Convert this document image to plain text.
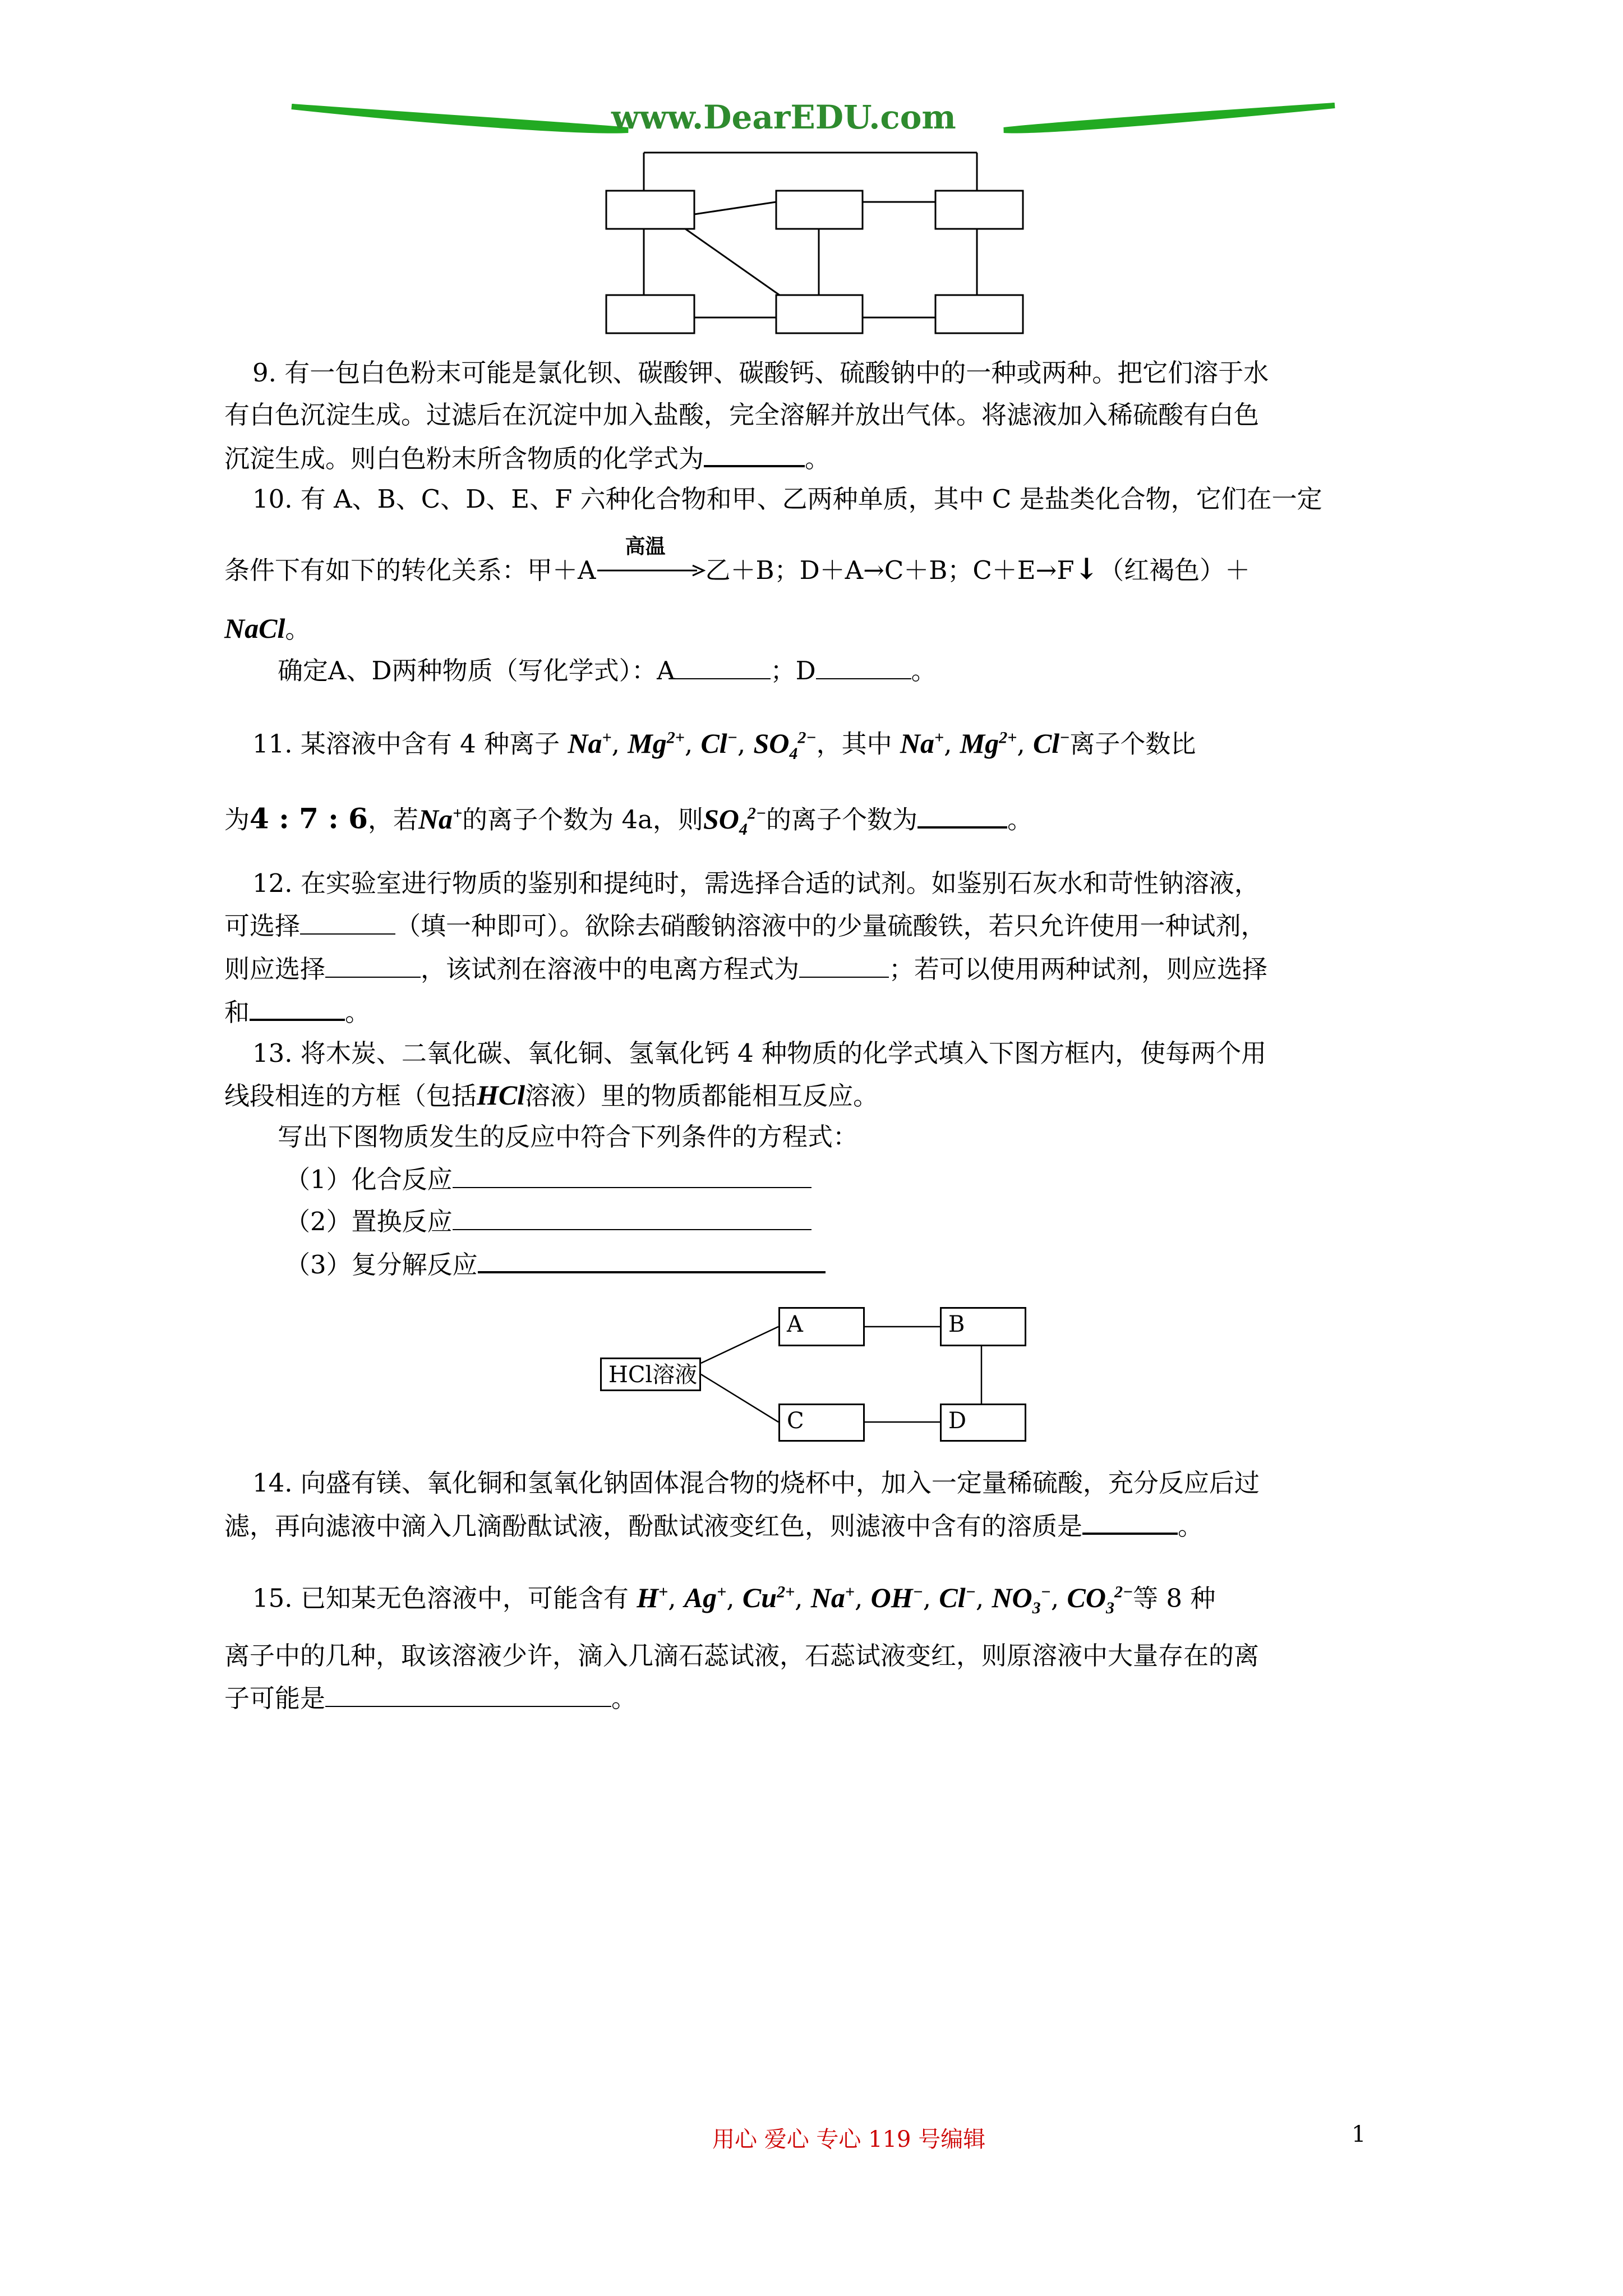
www.DearEDU.com
9. 有一包白色粉末可能是氯化钡、碳酸钾、碳酸钙、硫酸钠中的一种或两种。把它们溶于水
有白色沉淀生成。过滤后在沉淀中加入盐酸，完全溶解并放出气体。将滤液加入稀硫酸有白色
沉淀生成。则白色粉末所含物质的化学式为	。
10. 有 A、B、C、D、E、F 六种化合物和甲、乙两种单质，其中 C 是盐类化合物，它们在一定
条件下有如下的转化关系：甲＋A
高温
乙＋B；D＋A→C＋B；C＋E→F↓（红褐色）＋
NaCl。
确定A、D两种物质（写化学式）：A	；D	。
11. 某溶液中含有 4 种离子 Na+, $Mg^{2+}$, Cl−, $SO_4^{2-}$，其中 Na+, $Mg^{2+}$, Cl−离子个数比
为4 : 7 : 6，若Na+的离子个数为 4a，则$SO_4^{2-}$的离子个数为	。
12. 在实验室进行物质的鉴别和提纯时，需选择合适的试剂。如鉴别石灰水和苛性钠溶液，
可选择	（填一种即可）。欲除去硝酸钠溶液中的少量硫酸铁，若只允许使用一种试剂，
则应选择	，该试剂在溶液中的电离方程式为	；若可以使用两种试剂，则应选择
和	。
13. 将木炭、二氧化碳、氧化铜、氢氧化钙 4 种物质的化学式填入下图方框内，使每两个用
线段相连的方框（包括HCl溶液）里的物质都能相互反应。
写出下图物质发生的反应中符合下列条件的方程式：
（1）化合反应
（2）置换反应
（3）复分解反应
HCl溶液
A	B
C	D
14. 向盛有镁、氧化铜和氢氧化钠固体混合物的烧杯中，加入一定量稀硫酸，充分反应后过
滤，再向滤液中滴入几滴酚酞试液，酚酞试液变红色，则滤液中含有的溶质是	。
15. 已知某无色溶液中，可能含有 H+, Ag+, $Cu^{2+}$, Na+, OH−, Cl−, $NO_3^-$, $CO_3^{2-}$等 8 种
离子中的几种，取该溶液少许，滴入几滴石蕊试液，石蕊试液变红，则原溶液中大量存在的离
子可能是	。
用心 爱心 专心 119 号编辑	1
